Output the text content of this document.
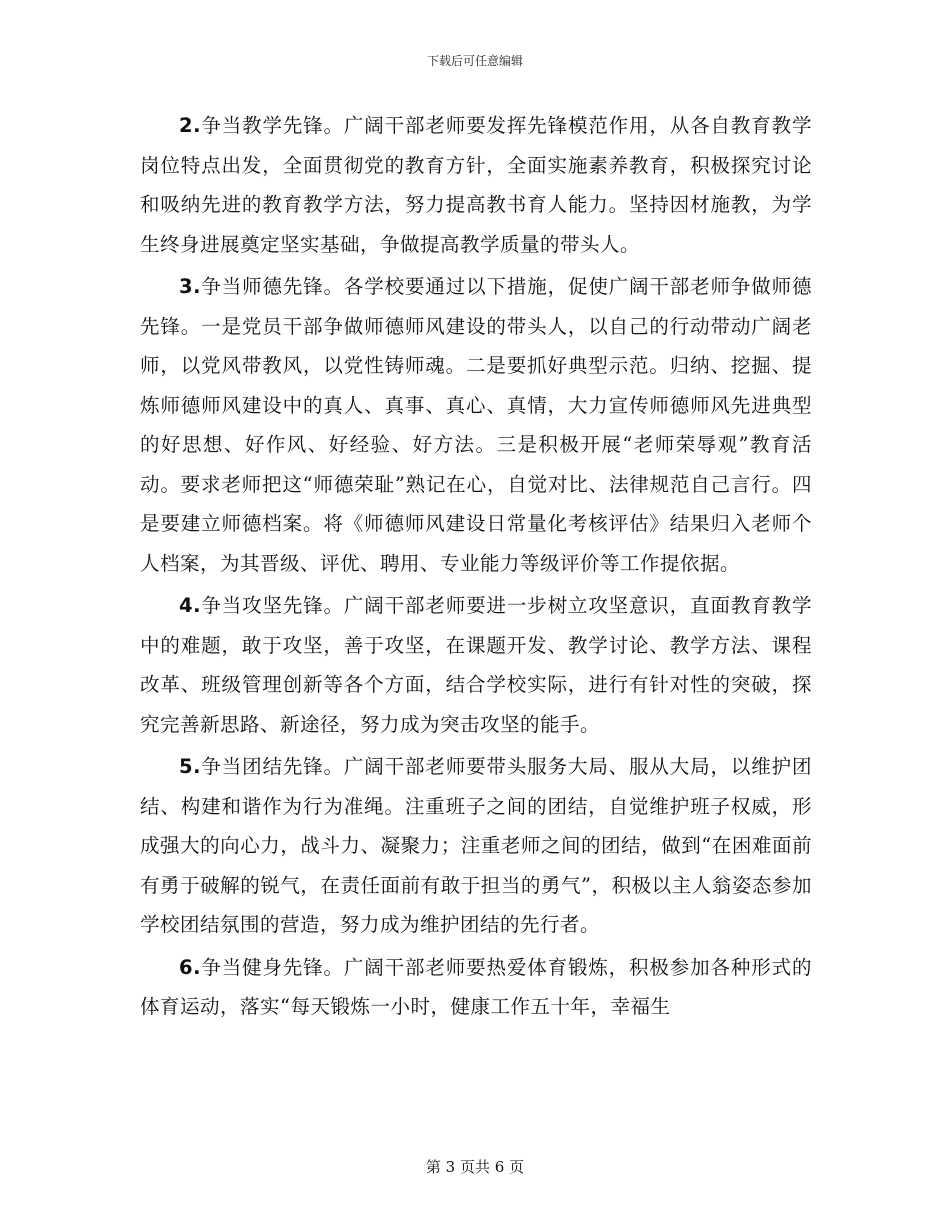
下载后可任意编辑

2.争当教学先锋。广阔干部老师要发挥先锋模范作用，从各自教育教学岗位特点出发，全面贯彻党的教育方针，全面实施素养教育，积极探究讨论和吸纳先进的教育教学方法，努力提高教书育人能力。坚持因材施教，为学生终身进展奠定坚实基础，争做提高教学质量的带头人。

3.争当师德先锋。各学校要通过以下措施，促使广阔干部老师争做师德先锋。一是党员干部争做师德师风建设的带头人，以自己的行动带动广阔老师，以党风带教风，以党性铸师魂。二是要抓好典型示范。归纳、挖掘、提炼师德师风建设中的真人、真事、真心、真情，大力宣传师德师风先进典型的好思想、好作风、好经验、好方法。三是积极开展“老师荣辱观”教育活动。要求老师把这“师德荣耻”熟记在心，自觉对比、法律规范自己言行。四是要建立师德档案。将《师德师风建设日常量化考核评估》结果归入老师个人档案，为其晋级、评优、聘用、专业能力等级评价等工作提依据。

4.争当攻坚先锋。广阔干部老师要进一步树立攻坚意识，直面教育教学中的难题，敢于攻坚，善于攻坚，在课题开发、教学讨论、教学方法、课程改革、班级管理创新等各个方面，结合学校实际，进行有针对性的突破，探究完善新思路、新途径，努力成为突击攻坚的能手。

5.争当团结先锋。广阔干部老师要带头服务大局、服从大局，以维护团结、构建和谐作为行为准绳。注重班子之间的团结，自觉维护班子权威，形成强大的向心力，战斗力、凝聚力；注重老师之间的团结，做到“在困难面前有勇于破解的锐气，在责任面前有敢于担当的勇气”，积极以主人翁姿态参加学校团结氛围的营造，努力成为维护团结的先行者。

6.争当健身先锋。广阔干部老师要热爱体育锻炼，积极参加各种形式的体育运动，落实“每天锻炼一小时，健康工作五十年，幸福生

第 3 页共 6 页
